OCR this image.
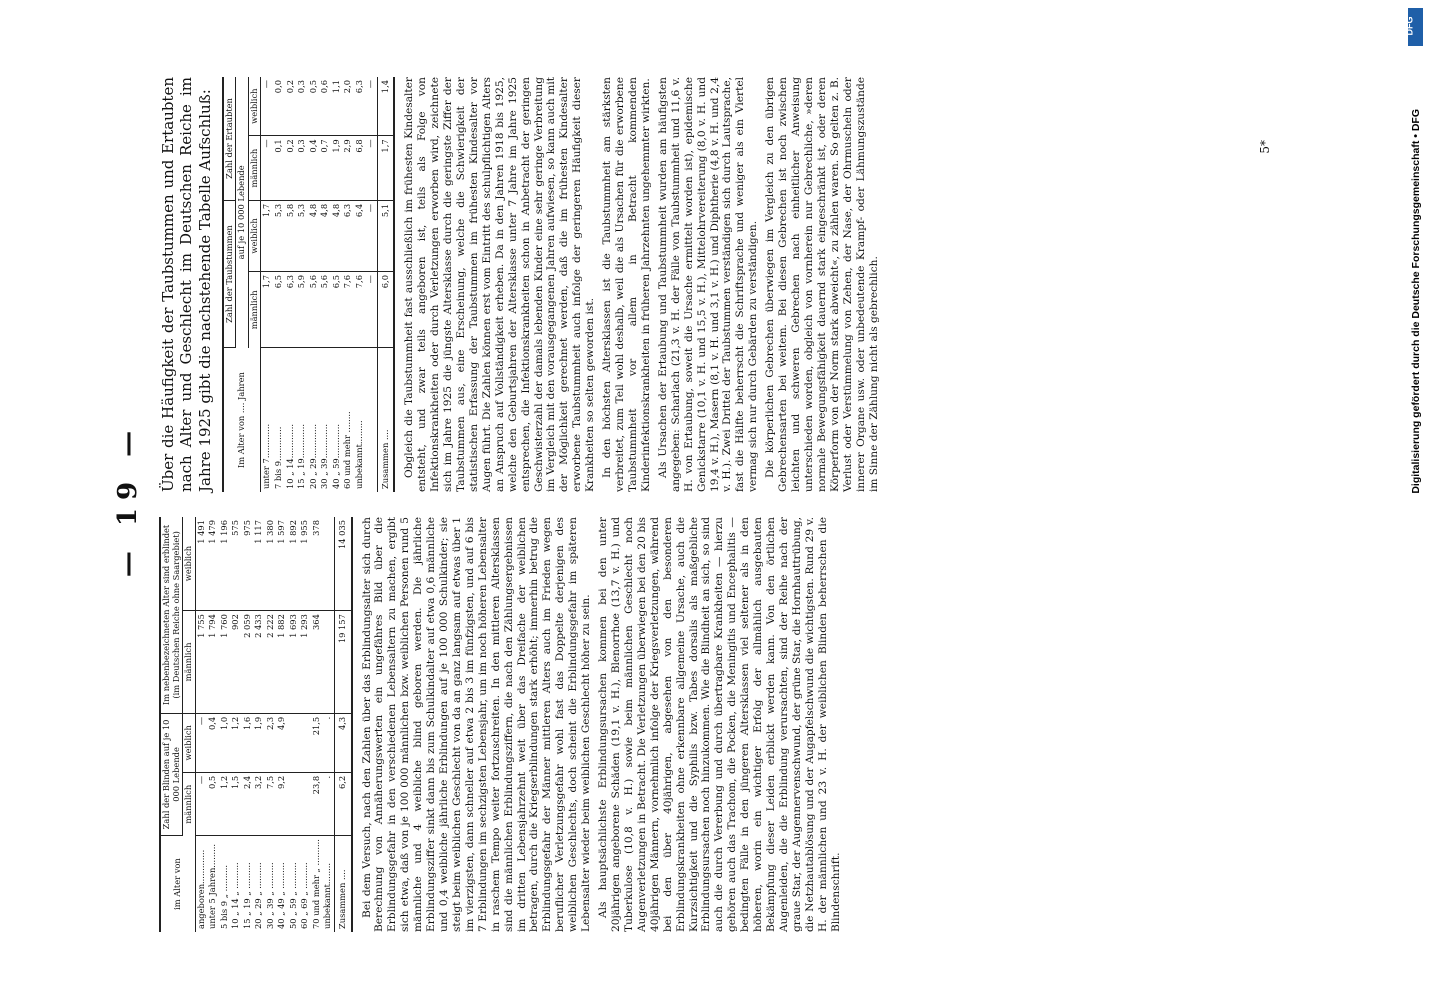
— 19 —
im Alter von	Zahl der Blinden auf je 10 000 Lebende		Im nebenbezeichneten Alter sind erblindet (im Deutschen Reiche ohne Saargebiet)	
	männlich	weiblich	männlich	weiblich
angeboren.............	—	—	1 755	1 491
unter 5 Jahren.........	0,5	0,4	1 794	1 479
5 bis 9 „ ..........	1,2	1,0	1 760	1 196
10 „ 14 „ ..........	1,5	1,2	902	575
15 „ 19 „ ..........	2,4	1,6	2 059	975
20 „ 29 „ ..........	3,2	1,9	2 433	1 117
30 „ 39 „ ..........	7,5	2,3	2 222	1 380
40 „ 49 „ ..........	9,2	4,9	1 882	1 597
50 „ 59 „ ..........			1 693	1 892
60 „ 69 „ ..........			1 293	1 955
70 und mehr „ ..........	23,8	21,5	364	378
unbekannt........	.	.		
Zusammen ....	6,2	4,3	19 157	14 035 Bei dem Versuch, nach den Zahlen über das Erblindungsalter sich durch Berechnung von Annäherungswerten ein ungefähres Bild über die Erblindungsgefahr in den verschiedenen Lebensaltern zu machen, ergibt sich etwa, daß von je 100 000 männlichen bzw. weiblichen Personen rund 5 männliche und 4 weibliche blind geboren werden. Die jährliche Erblindungsziffer sinkt dann bis zum Schulkindalter auf etwa 0,6 männliche und 0,4 weibliche jährliche Erblindungen auf je 100 000 Schulkinder; sie steigt beim weiblichen Geschlecht von da an ganz langsam auf etwas über 1 im vierzigsten, dann schneller auf etwa 2 bis 3 im fünfzigsten, und auf 6 bis 7 Erblindungen im sechzigsten Lebensjahr, um im noch höheren Lebensalter in raschem Tempo weiter fortzuschreiten. In den mittleren Altersklassen sind die männlichen Erblindungsziffern, die nach den Zählungsergebnissen im dritten Lebensjahrzehnt weit über das Dreifache der weiblichen betragen, durch die Kriegserblindungen stark erhöht; immerhin betrug die Erblindungsgefahr der Männer mittleren Alters auch im Frieden wegen beruflicher Verletzungsgefahr wohl fast das Doppelte derjenigen des weiblichen Geschlechts, doch scheint die Erblindungsgefahr im späteren Lebensalter wieder beim weiblichen Geschlecht höher zu sein. Als hauptsächlichste Erblindungsursachen kommen bei den unter 20jährigen angeborene Schäden (19,1 v. H.), Blenorrhoe (13,7 v. H.) und Tuberkulose (10,8 v. H.) sowie beim männlichen Geschlecht noch Augenverletzungen in Betracht. Die Verletzungen überwiegen bei den 20 bis 40jährigen Männern, vornehmlich infolge der Kriegsverletzungen, während bei den über 40jährigen, abgesehen von den besonderen Erblindungskrankheiten ohne erkennbare allgemeine Ursache, auch die Kurzsichtigkeit und die Syphilis bzw. Tabes dorsalis als maßgebliche Erblindungsursachen noch hinzukommen. Wie die Blindheit an sich, so sind auch die durch Vererbung und durch übertragbare Krankheiten — hierzu gehören auch das Trachom, die Pocken, die Meningitis und Encephalitis — bedingten Fälle in den jüngeren Altersklassen viel seltener als in den höheren, worin ein wichtiger Erfolg der allmählich ausgebauten Bekämpfung dieser Leiden erblickt werden kann. Von den örtlichen Augenleiden, die die Erblindung verursachten, sind der Reihe nach der graue Star, der Augennervenschwund, der grüne Star, die Hornhauttrübung, die Netzhautablösung und der Augapfelschwund die wichtigsten. Rund 29 v. H. der männlichen und 23 v. H. der weiblichen Blinden beherrschen die Blindenschrift.

Über die Häufigkeit der Taubstummen und Ertaubten nach Alter und Geschlecht im Deutschen Reiche im Jahre 1925 gibt die nachstehende Tabelle Aufschluß:	Im Alter von .... Jahren	Zahl der Taubstummen		Zahl der Ertaubten	
	auf je 10 000 Lebende			
	männlich	weiblich	männlich	weiblich
unter 7.............	1,7	1,7	—	—
7 bis 9.............	6,5	5,3	0,1	0,0
10 „ 14.............	6,3	5,8	0,2	0,2
15 „ 19.............	5,9	5,3	0,3	0,3
20 „ 29.............	5,6	4,8	0,4	0,5
30 „ 39.............	5,6	4,8	0,7	0,6
40 „ 59.............	6,5	4,8	1,9	1,1
60 und mehr ........	7,6	6,3	2,9	2,0
unbekannt.........	7,6	6,4	6,8	6,3
	—	—	—	—
Zusammen ....	6,0	5,1	1,7	1,4 Obgleich die Taubstummheit fast ausschließlich im frühesten Kindesalter entsteht, und zwar teils angeboren ist, teils als Folge von Infektionskrankheiten oder durch Verletzungen erworben wird, zeichnete sich im Jahre 1925 die jüngste Altersklasse durch die geringste Ziffer der Taubstummen aus, eine Erscheinung, welche die Schwierigkeit der statistischen Erfassung der Taubstummen im frühesten Kindesalter vor Augen führt. Die Zahlen können erst vom Eintritt des schulpflichtigen Alters an Anspruch auf Vollständigkeit erheben. Da in den Jahren 1918 bis 1925, welche den Geburtsjahren der Altersklasse unter 7 Jahre im Jahre 1925 entsprechen, die Infektionskrankheiten schon in Anbetracht der geringen Geschwisterzahl der damals lebenden Kinder eine sehr geringe Verbreitung im Vergleich mit den vorausgegangenen Jahren aufwiesen, so kann auch mit der Möglichkeit gerechnet werden, daß die im frühesten Kindesalter erworbene Taubstummheit auch infolge der geringeren Häufigkeit dieser Krankheiten so selten geworden ist. In den höchsten Altersklassen ist die Taubstummheit am stärksten verbreitet, zum Teil wohl deshalb, weil die als Ursachen für die erworbene Taubstummheit vor allem in Betracht kommenden Kinderinfektionskrankheiten in früheren Jahrzehnten ungehemmter wirkten. Als Ursachen der Ertaubung und Taubstummheit wurden am häufigsten angegeben: Scharlach (21,3 v. H. der Fälle von Taubstummheit und 11,6 v. H. von Ertaubung, soweit die Ursache ermittelt worden ist), epidemische Genickstarre (10,1 v. H. und 15,5 v. H.), Mittelohrvereiterung (8,0 v. H. und 19,4 v. H.), Masern (8,1 v. H. und 3,1 v. H.) und Diphtherie (4,8 v. H. und 2,4 v. H.). Zwei Drittel der Taubstummen verständigen sich durch Lautsprache, fast die Hälfte beherrscht die Schriftsprache und weniger als ein Viertel vermag sich nur durch Gebärden zu verständigen. Die körperlichen Gebrechen überwiegen im Vergleich zu den übrigen Gebrechensarten bei weitem. Bei diesen Gebrechen ist noch zwischen leichten und schweren Gebrechen nach einheitlicher Anweisung unterschieden worden, obgleich von vornherein nur Gebrechliche, »deren normale Bewegungsfähigkeit dauernd stark eingeschränkt ist, oder deren Körperform von der Norm stark abweicht«, zu zählen waren. So gelten z. B. Verlust oder Verstümmelung von Zehen, der Nase, der Ohrmuscheln oder innerer Organe usw. oder unbedeutende Krampf- oder Lähmungszustände im Sinne der Zählung nicht als gebrechlich.

5*
DFG
Digitalisierung gefördert durch die Deutsche Forschungsgemeinschaft • DFG
